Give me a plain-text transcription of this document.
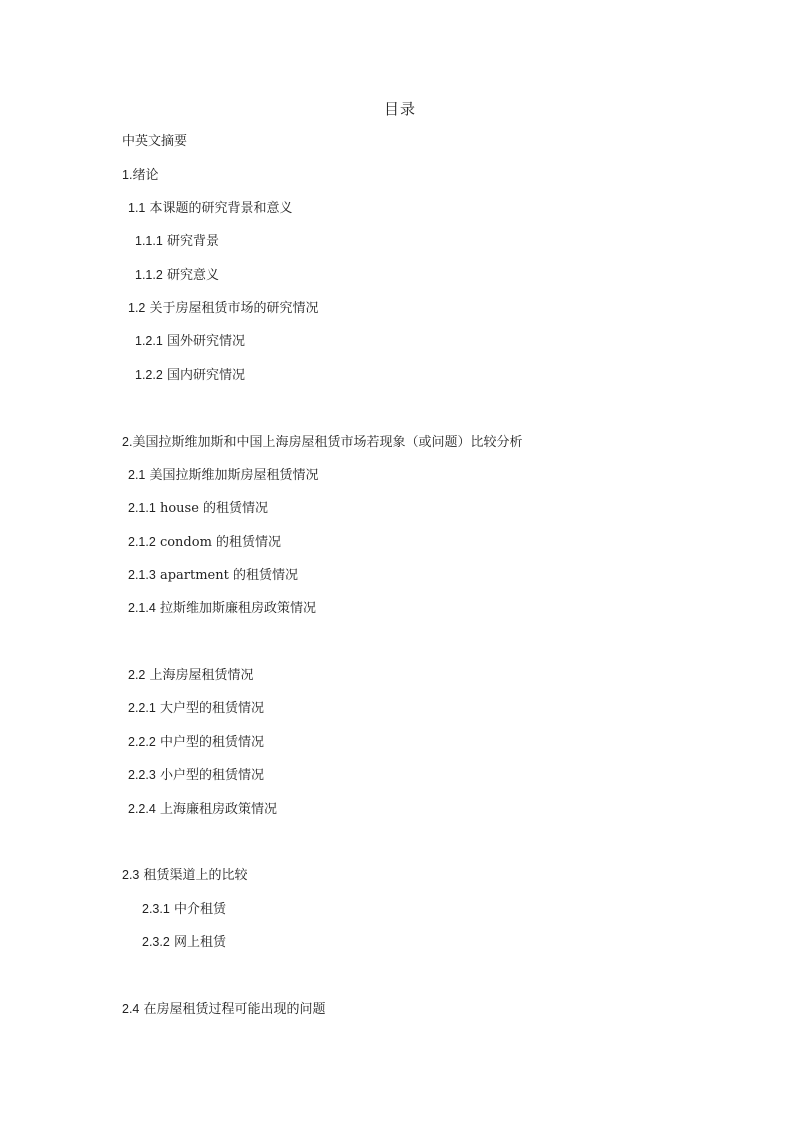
目录
中英文摘要
1.绪论
1.1 本课题的研究背景和意义
1.1.1 研究背景
1.1.2 研究意义
1.2 关于房屋租赁市场的研究情况
1.2.1 国外研究情况
1.2.2 国内研究情况
2.美国拉斯维加斯和中国上海房屋租赁市场若现象（或问题）比较分析
2.1 美国拉斯维加斯房屋租赁情况
2.1.1 house 的租赁情况
2.1.2 condom 的租赁情况
2.1.3 apartment 的租赁情况
2.1.4 拉斯维加斯廉租房政策情况
2.2 上海房屋租赁情况
2.2.1 大户型的租赁情况
2.2.2 中户型的租赁情况
2.2.3 小户型的租赁情况
2.2.4 上海廉租房政策情况
2.3 租赁渠道上的比较
2.3.1 中介租赁
2.3.2 网上租赁
2.4 在房屋租赁过程可能出现的问题
